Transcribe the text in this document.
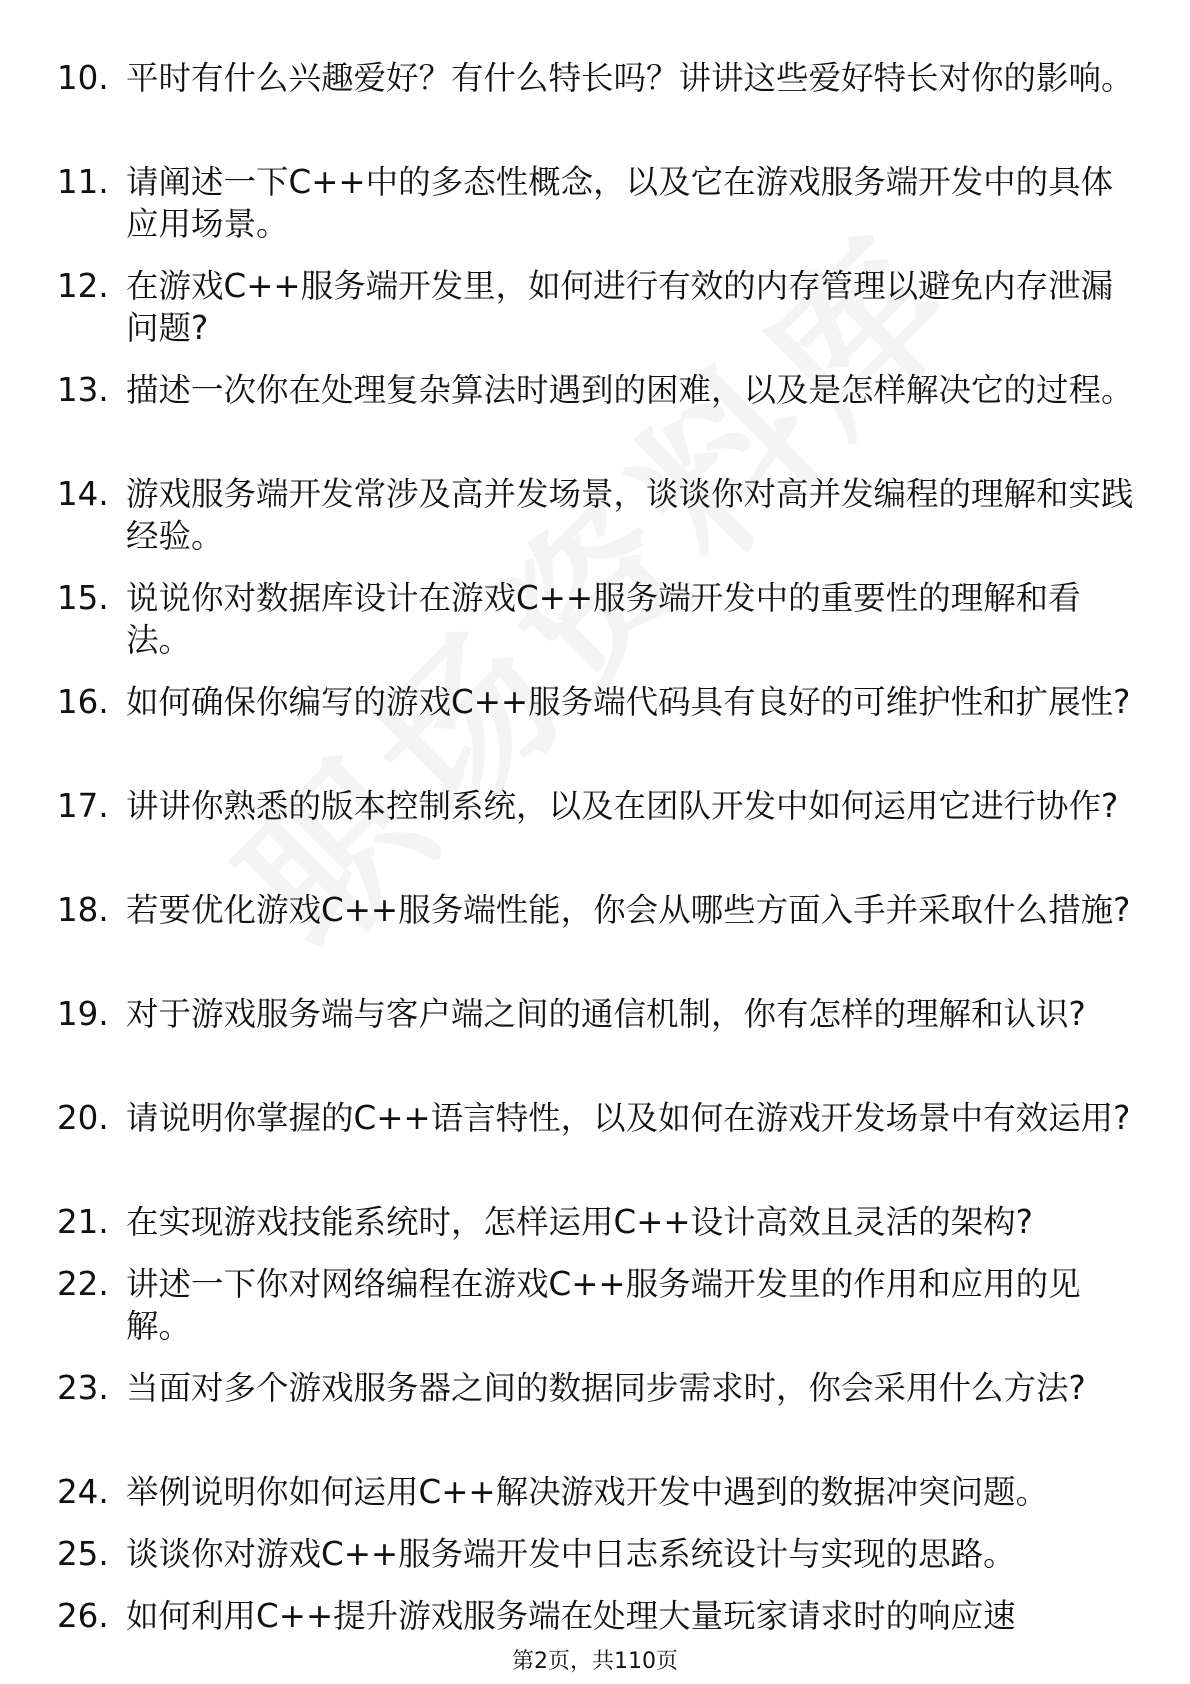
10. 平时有什么兴趣爱好？有什么特长吗？讲讲这些爱好特长对你的影响。
11. 请阐述一下C++中的多态性概念，以及它在游戏服务端开发中的具体应用场景。
12. 在游戏C++服务端开发里，如何进行有效的内存管理以避免内存泄漏问题?
13. 描述一次你在处理复杂算法时遇到的困难，以及是怎样解决它的过程。
14. 游戏服务端开发常涉及高并发场景，谈谈你对高并发编程的理解和实践经验。
15. 说说你对数据库设计在游戏C++服务端开发中的重要性的理解和看法。
16. 如何确保你编写的游戏C++服务端代码具有良好的可维护性和扩展性?
17. 讲讲你熟悉的版本控制系统，以及在团队开发中如何运用它进行协作?
18. 若要优化游戏C++服务端性能，你会从哪些方面入手并采取什么措施?
19. 对于游戏服务端与客户端之间的通信机制，你有怎样的理解和认识?
20. 请说明你掌握的C++语言特性，以及如何在游戏开发场景中有效运用?
21. 在实现游戏技能系统时，怎样运用C++设计高效且灵活的架构?
22. 讲述一下你对网络编程在游戏C++服务端开发里的作用和应用的见解。
23. 当面对多个游戏服务器之间的数据同步需求时，你会采用什么方法?
24. 举例说明你如何运用C++解决游戏开发中遇到的数据冲突问题。
25. 谈谈你对游戏C++服务端开发中日志系统设计与实现的思路。
26. 如何利用C++提升游戏服务端在处理大量玩家请求时的响应速
第2页，共110页
